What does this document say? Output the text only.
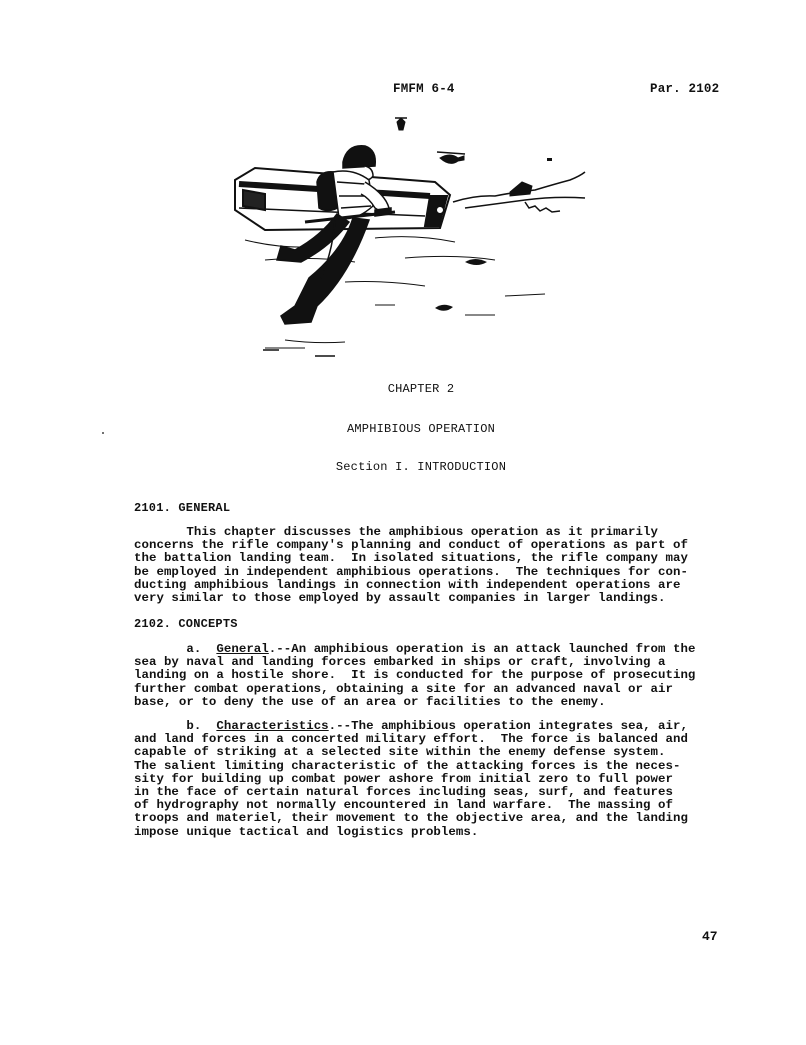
FMFM 6-4	Par. 2102
CHAPTER 2
AMPHIBIOUS OPERATION
Section I. INTRODUCTION
2101. GENERAL
This chapter discusses the amphibious operation as it primarily
concerns the rifle company's planning and conduct of operations as part of
the battalion landing team.  In isolated situations, the rifle company may
be employed in independent amphibious operations.  The techniques for con-
ducting amphibious landings in connection with independent operations are
very similar to those employed by assault companies in larger landings.
2102. CONCEPTS
a. General.--An amphibious operation is an attack launched from the
sea by naval and landing forces embarked in ships or craft, involving a
landing on a hostile shore.  It is conducted for the purpose of prosecuting
further combat operations, obtaining a site for an advanced naval or air
base, or to deny the use of an area or facilities to the enemy.
b. Characteristics.--The amphibious operation integrates sea, air,
and land forces in a concerted military effort.  The force is balanced and
capable of striking at a selected site within the enemy defense system.
The salient limiting characteristic of the attacking forces is the neces-
sity for building up combat power ashore from initial zero to full power
in the face of certain natural forces including seas, surf, and features
of hydrography not normally encountered in land warfare.  The massing of
troops and materiel, their movement to the objective area, and the landing
impose unique tactical and logistics problems.
47
